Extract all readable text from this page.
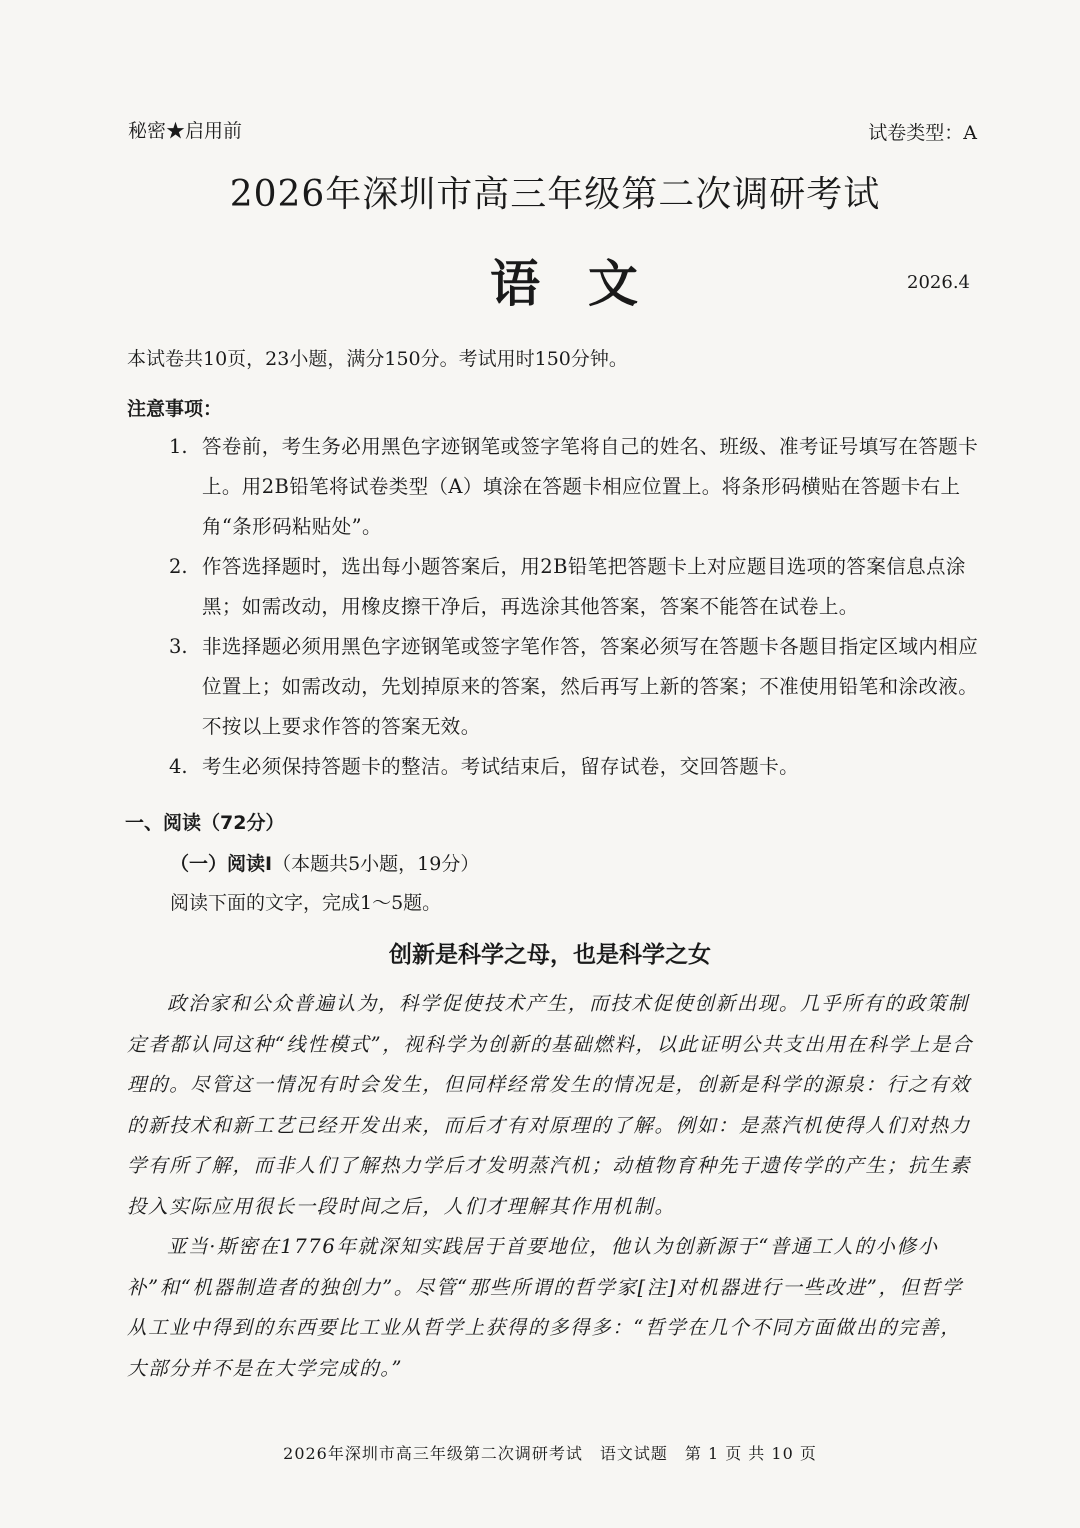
秘密★启用前	试卷类型：A
2026年深圳市高三年级第二次调研考试
语文	2026.4
本试卷共10页，23小题，满分150分。考试用时150分钟。
注意事项：
1. 答卷前，考生务必用黑色字迹钢笔或签字笔将自己的姓名、班级、准考证号填写在答题卡上。用2B铅笔将试卷类型（A）填涂在答题卡相应位置上。将条形码横贴在答题卡右上角“条形码粘贴处”。
2. 作答选择题时，选出每小题答案后，用2B铅笔把答题卡上对应题目选项的答案信息点涂黑；如需改动，用橡皮擦干净后，再选涂其他答案，答案不能答在试卷上。
3. 非选择题必须用黑色字迹钢笔或签字笔作答，答案必须写在答题卡各题目指定区域内相应位置上；如需改动，先划掉原来的答案，然后再写上新的答案；不准使用铅笔和涂改液。不按以上要求作答的答案无效。
4. 考生必须保持答题卡的整洁。考试结束后，留存试卷，交回答题卡。
一、阅读（72分）
（一）阅读Ⅰ（本题共5小题，19分）
阅读下面的文字，完成1～5题。
创新是科学之母，也是科学之女
政治家和公众普遍认为，科学促使技术产生，而技术促使创新出现。几乎所有的政策制定者都认同这种“线性模式”，视科学为创新的基础燃料，以此证明公共支出用在科学上是合理的。尽管这一情况有时会发生，但同样经常发生的情况是，创新是科学的源泉：行之有效的新技术和新工艺已经开发出来，而后才有对原理的了解。例如：是蒸汽机使得人们对热力学有所了解，而非人们了解热力学后才发明蒸汽机；动植物育种先于遗传学的产生；抗生素投入实际应用很长一段时间之后，人们才理解其作用机制。
亚当·斯密在1776年就深知实践居于首要地位，他认为创新源于“普通工人的小修小补”和“机器制造者的独创力”。尽管“那些所谓的哲学家[注]对机器进行一些改进”，但哲学从工业中得到的东西要比工业从哲学上获得的多得多：“哲学在几个不同方面做出的完善，大部分并不是在大学完成的。”
2026年深圳市高三年级第二次调研考试　语文试题　第 1 页 共 10 页
